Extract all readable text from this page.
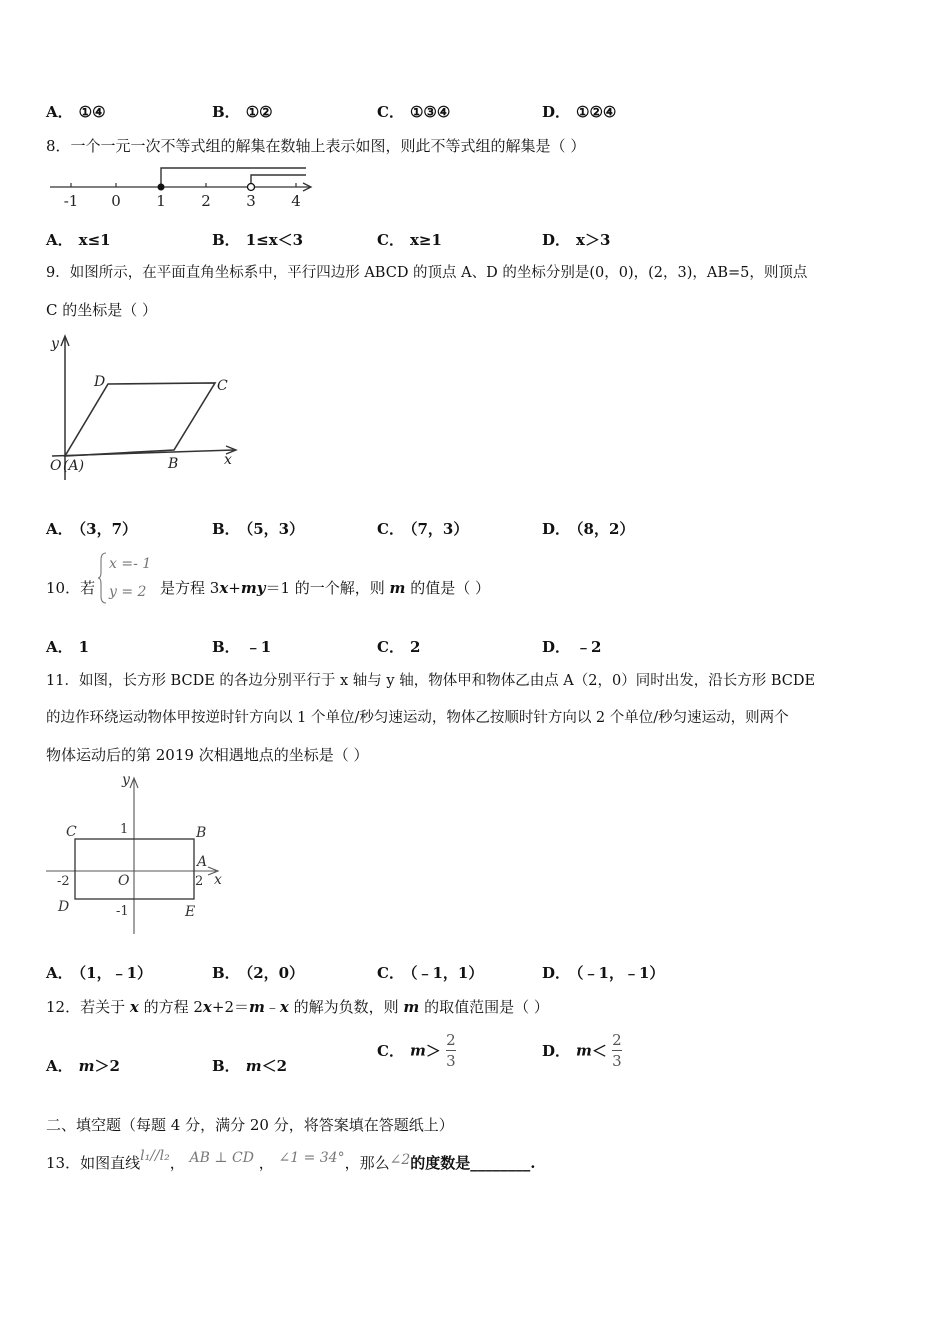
A． ①④	B． ①②	C． ①③④	D． ①②④
8．一个一元一次不等式组的解集在数轴上表示如图，则此不等式组的解集是（ ）
-1 0 1 2 3 4
A． x≤1	B． 1≤x＜3	C． x≥1	D． x＞3
9．如图所示，在平面直角坐标系中，平行四边形 ABCD 的顶点 A、D 的坐标分别是(0，0)，(2，3)，AB=5，则顶点
C 的坐标是（ ）
y
x
D	C
O (A)	B
A． （3，7）	B． （5，3）	C． （7，3）	D． （8，2）
10．若
x =- 1
y = 2 是方程 3x+my＝1 的一个解，则 m 的值是（ ）
A． 1	B． ﹣1	C． 2	D． ﹣2
11．如图，长方形 BCDE 的各边分别平行于 x 轴与 y 轴，物体甲和物体乙由点 A（2，0）同时出发，沿长方形 BCDE
的边作环绕运动物体甲按逆时针方向以 1 个单位/秒匀速运动，物体乙按顺时针方向以 2 个单位/秒匀速运动，则两个
物体运动后的第 2019 次相遇地点的坐标是（ ）
y
x
C	B
A
D	E
O
1
-1
2
-2
A． （1，﹣1）	B． （2，0）	C． （﹣1，1）	D． （﹣1，﹣1）
12．若关于 x 的方程 2x+2＝m﹣x 的解为负数，则 m 的取值范围是（ ）
A． m＞2	B． m＜2
C． $m> \frac{2}{3}$	D． $m< \frac{2}{3}$
二、填空题（每题 4 分，满分 20 分，将答案填在答题纸上）
13．如图直线l₁//l₂， AB ⊥ CD ， ∠1 = 34°，那么∠2的度数是________.
